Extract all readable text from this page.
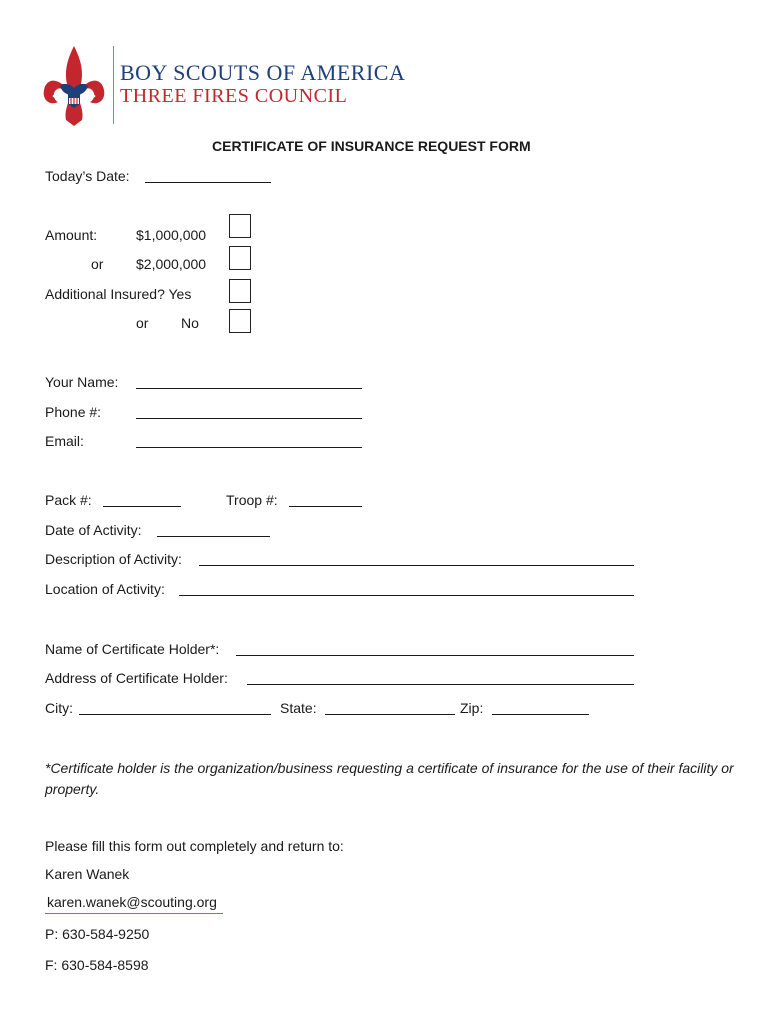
BOY SCOUTS OF AMERICA
THREE FIRES COUNCIL
CERTIFICATE OF INSURANCE REQUEST FORM
Today’s Date:
Amount:	$1,000,000
or $2,000,000
Additional Insured? Yes
or No
Your Name:
Phone #:
Email:
Pack #:	Troop #:
Date of Activity:
Description of Activity:
Location of Activity:
Name of Certificate Holder*:
Address of Certificate Holder:
City:	State:	Zip:
*Certificate holder is the organization/business requesting a certificate of insurance for the use of their facility or property.
Please fill this form out completely and return to:
Karen Wanek
karen.wanek@scouting.org
P: 630-584-9250
F: 630-584-8598
